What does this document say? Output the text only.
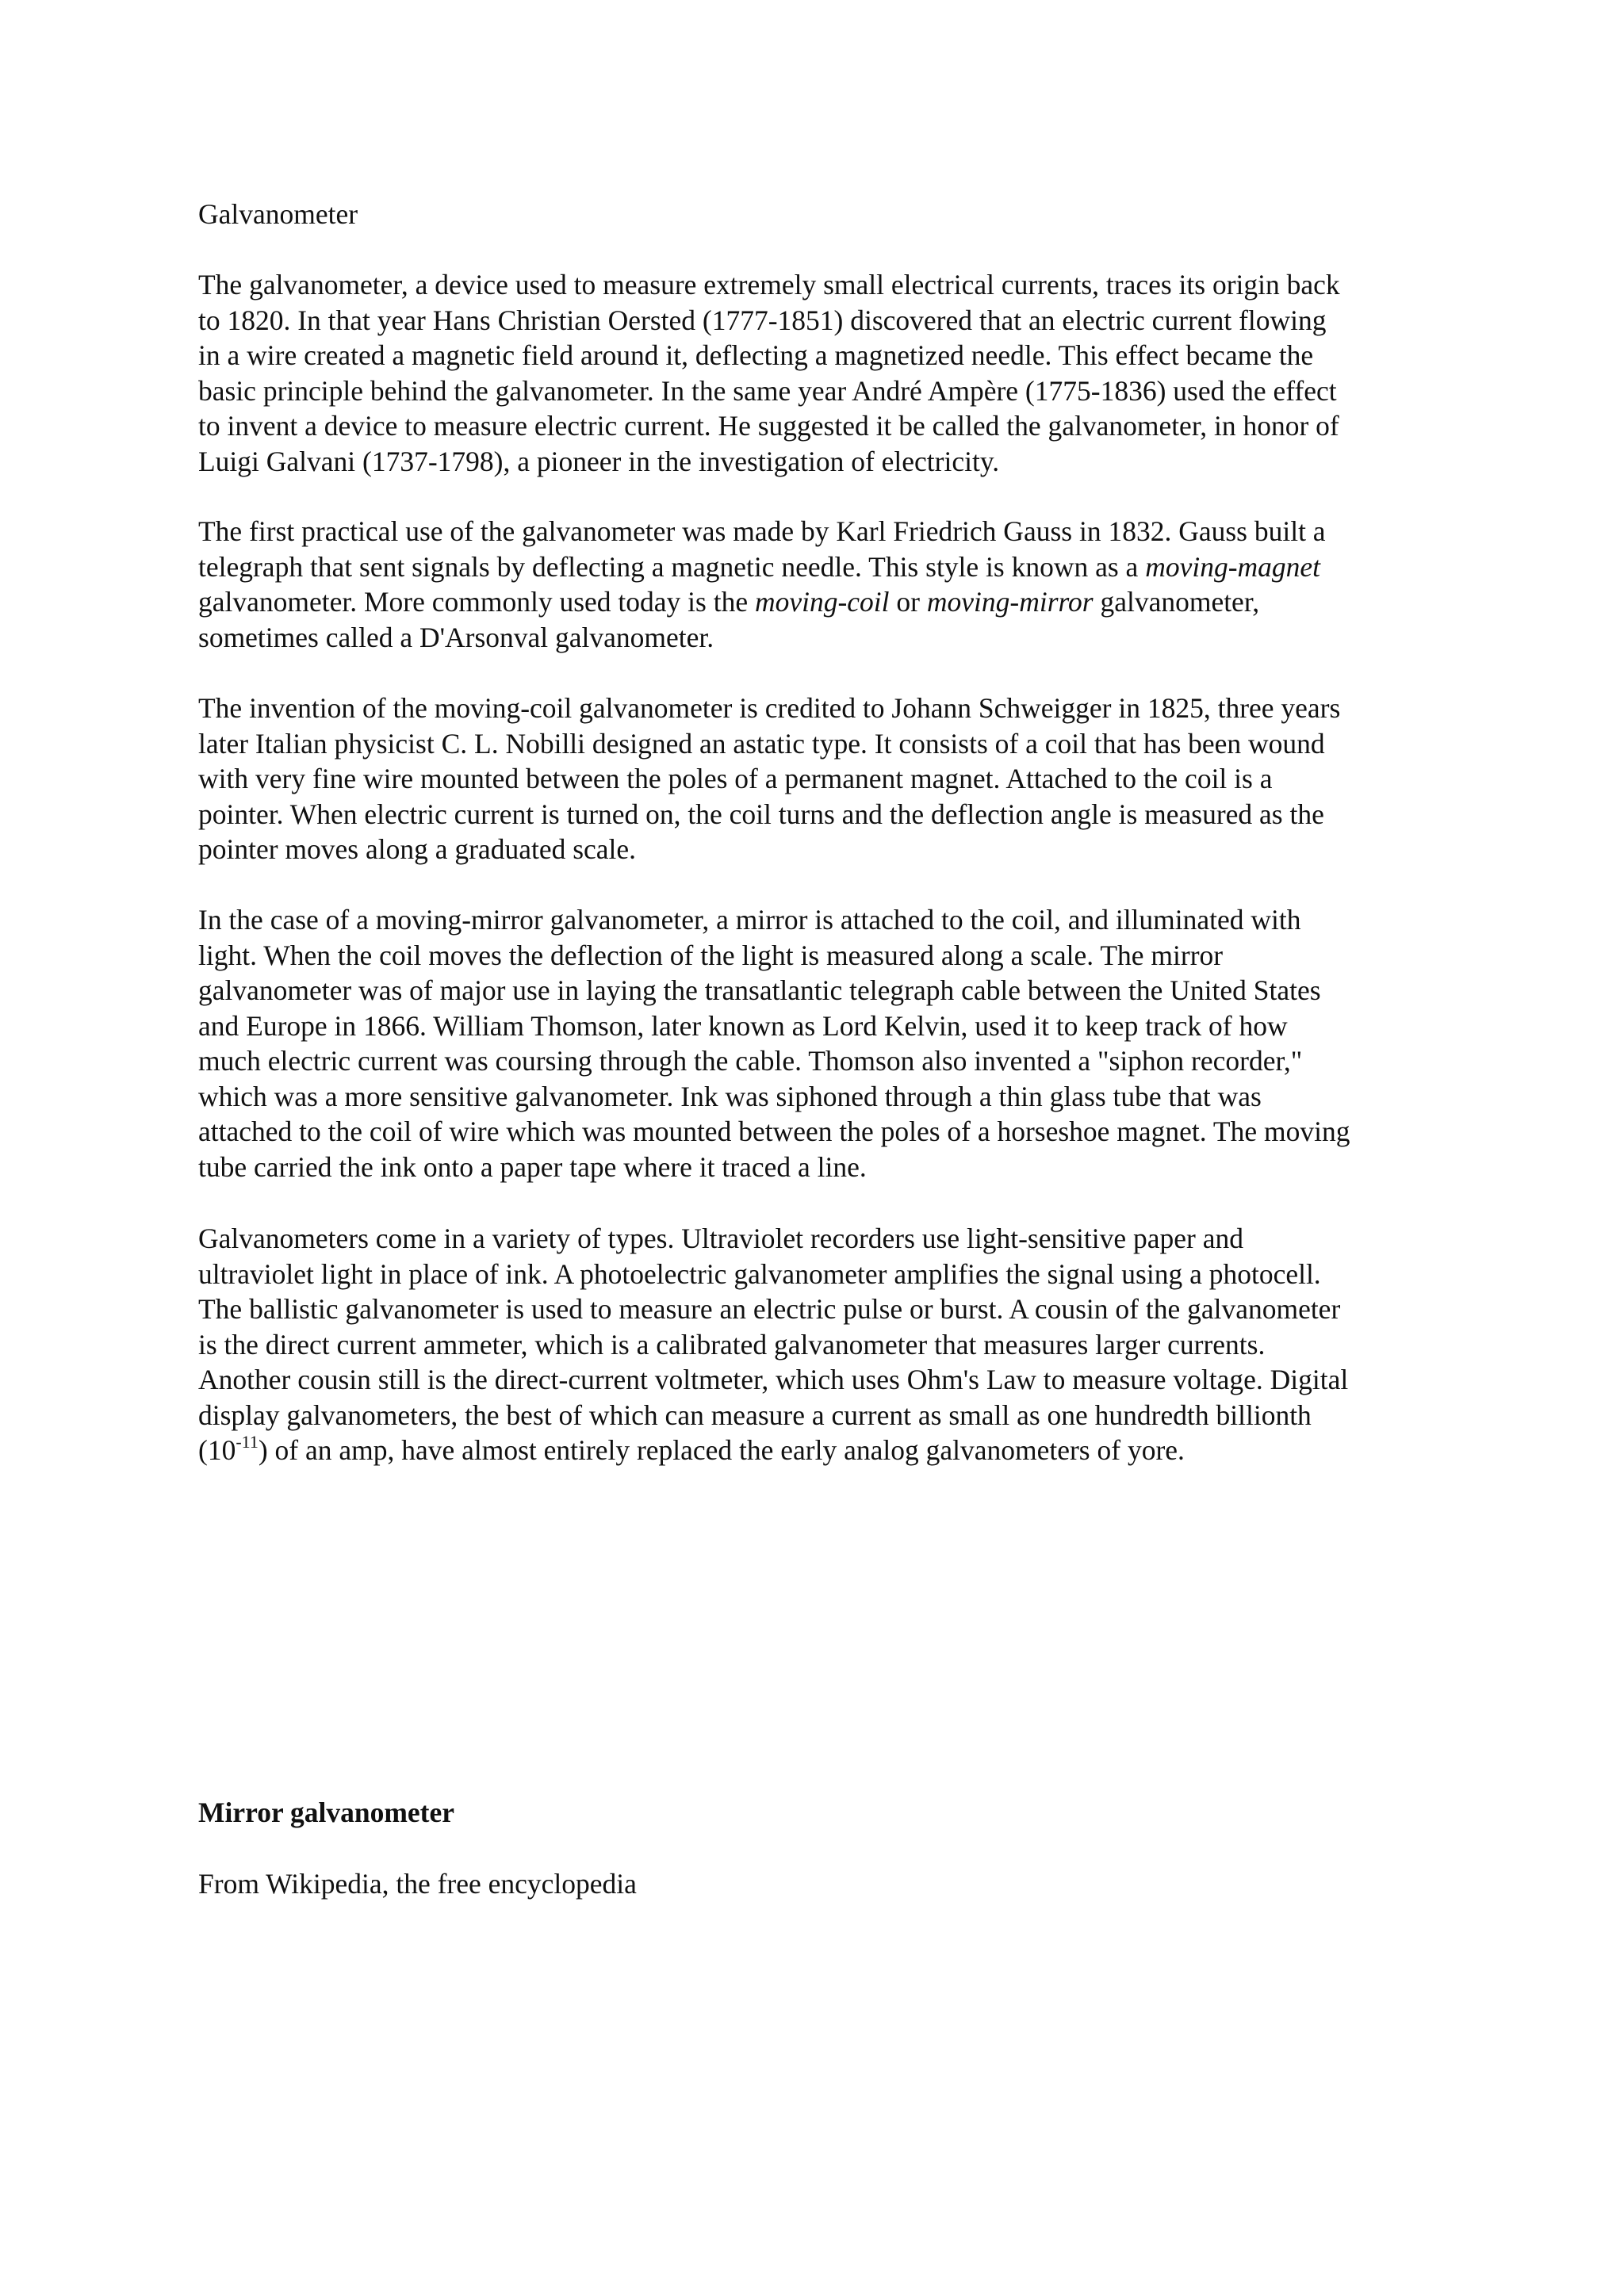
Galvanometer

The galvanometer, a device used to measure extremely small electrical currents, traces its origin back
to 1820. In that year Hans Christian Oersted (1777-1851) discovered that an electric current flowing
in a wire created a magnetic field around it, deflecting a magnetized needle. This effect became the
basic principle behind the galvanometer. In the same year André Ampère (1775-1836) used the effect
to invent a device to measure electric current. He suggested it be called the galvanometer, in honor of
Luigi Galvani (1737-1798), a pioneer in the investigation of electricity.

The first practical use of the galvanometer was made by Karl Friedrich Gauss in 1832. Gauss built a
telegraph that sent signals by deflecting a magnetic needle. This style is known as a moving-magnet
galvanometer. More commonly used today is the moving-coil or moving-mirror galvanometer,
sometimes called a D'Arsonval galvanometer.

The invention of the moving-coil galvanometer is credited to Johann Schweigger in 1825, three years
later Italian physicist C. L. Nobilli designed an astatic type. It consists of a coil that has been wound
with very fine wire mounted between the poles of a permanent magnet. Attached to the coil is a
pointer. When electric current is turned on, the coil turns and the deflection angle is measured as the
pointer moves along a graduated scale.

In the case of a moving-mirror galvanometer, a mirror is attached to the coil, and illuminated with
light. When the coil moves the deflection of the light is measured along a scale. The mirror
galvanometer was of major use in laying the transatlantic telegraph cable between the United States
and Europe in 1866. William Thomson, later known as Lord Kelvin, used it to keep track of how
much electric current was coursing through the cable. Thomson also invented a "siphon recorder,"
which was a more sensitive galvanometer. Ink was siphoned through a thin glass tube that was
attached to the coil of wire which was mounted between the poles of a horseshoe magnet. The moving
tube carried the ink onto a paper tape where it traced a line.

Galvanometers come in a variety of types. Ultraviolet recorders use light-sensitive paper and
ultraviolet light in place of ink. A photoelectric galvanometer amplifies the signal using a photocell.
The ballistic galvanometer is used to measure an electric pulse or burst. A cousin of the galvanometer
is the direct current ammeter, which is a calibrated galvanometer that measures larger currents.
Another cousin still is the direct-current voltmeter, which uses Ohm's Law to measure voltage. Digital
display galvanometers, the best of which can measure a current as small as one hundredth billionth
$(10^{-11})$ of an amp, have almost entirely replaced the early analog galvanometers of yore.

Mirror galvanometer

From Wikipedia, the free encyclopedia
